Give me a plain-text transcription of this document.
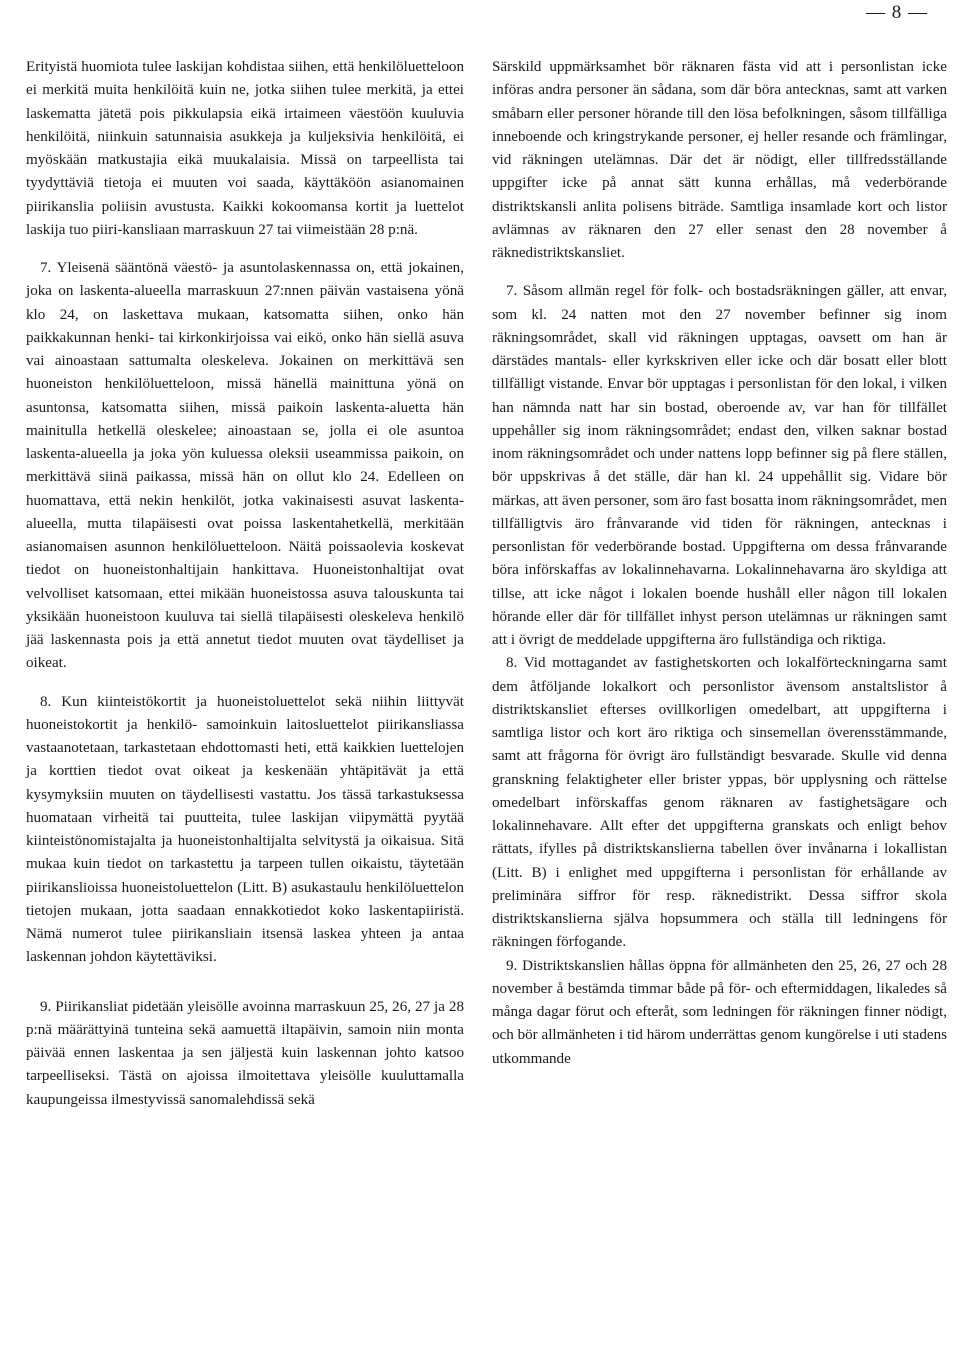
— 8 —

Erityistä huomiota tulee laskijan kohdistaa siihen, että henkilöluetteloon ei merkitä muita henkilöitä kuin ne, jotka siihen tulee merkitä, ja ettei laskematta jätetä pois pikkulapsia eikä irtaimeen väestöön kuuluvia henkilöitä, niinkuin satunnaisia asukkeja ja kuljeksivia henkilöitä, ei myöskään matkustajia eikä muukalaisia. Missä on tarpeellista tai tyydyttäviä tietoja ei muuten voi saada, käyttäköön asianomainen piirikanslia poliisin avustusta. Kaikki kokoomansa kortit ja luettelot laskija tuo piiri-kansliaan marraskuun 27 tai viimeistään 28 p:nä.

7. Yleisenä sääntönä väestö- ja asuntolaskennassa on, että jokainen, joka on laskenta-alueella marraskuun 27:nnen päivän vastaisena yönä klo 24, on laskettava mukaan, katsomatta siihen, onko hän paikkakunnan henki- tai kirkonkirjoissa vai eikö, onko hän siellä asuva vai ainoastaan sattumalta oleskeleva. Jokainen on merkittävä sen huoneiston henkilöluetteloon, missä hänellä mainittuna yönä on asuntonsa, katsomatta siihen, missä paikoin laskenta-aluetta hän mainitulla hetkellä oleskelee; ainoastaan se, jolla ei ole asuntoa laskenta-alueella ja joka yön kuluessa oleksii useammissa paikoin, on merkittävä siinä paikassa, missä hän on ollut klo 24. Edelleen on huomattava, että nekin henkilöt, jotka vakinaisesti asuvat laskenta-alueella, mutta tilapäisesti ovat poissa laskentahetkellä, merkitään asianomaisen asunnon henkilöluetteloon. Näitä poissaolevia koskevat tiedot on huoneistonhaltijain hankittava. Huoneistonhaltijat ovat velvolliset katsomaan, ettei mikään huoneistossa asuva talouskunta tai yksikään huoneistoon kuuluva tai siellä tilapäisesti oleskeleva henkilö jää laskennasta pois ja että annetut tiedot muuten ovat täydelliset ja oikeat.

8. Kun kiinteistökortit ja huoneistoluettelot sekä niihin liittyvät huoneistokortit ja henkilö- samoinkuin laitosluettelot piirikansliassa vastaanotetaan, tarkastetaan ehdottomasti heti, että kaikkien luettelojen ja korttien tiedot ovat oikeat ja keskenään yhtäpitävät ja että kysymyksiin muuten on täydellisesti vastattu. Jos tässä tarkastuksessa huomataan virheitä tai puutteita, tulee laskijan viipymättä pyytää kiinteistönomistajalta ja huoneistonhaltijalta selvitystä ja oikaisua. Sitä mukaa kuin tiedot on tarkastettu ja tarpeen tullen oikaistu, täytetään piirikanslioissa huoneistoluettelon (Litt. B) asukastaulu henkilöluettelon tietojen mukaan, jotta saadaan ennakkotiedot koko laskentapiiristä. Nämä numerot tulee piirikansliain itsensä laskea yhteen ja antaa laskennan johdon käytettäviksi.

9. Piirikansliat pidetään yleisölle avoinna marraskuun 25, 26, 27 ja 28 p:nä määrättyinä tunteina sekä aamuettä iltapäivin, samoin niin monta päivää ennen laskentaa ja sen jäljestä kuin laskennan johto katsoo tarpeelliseksi. Tästä on ajoissa ilmoitettava yleisölle kuuluttamalla kaupungeissa ilmestyvissä sanomalehdissä sekä

Särskild uppmärksamhet bör räknaren fästa vid att i personlistan icke införas andra personer än sådana, som där böra antecknas, samt att varken småbarn eller personer hörande till den lösa befolkningen, såsom tillfälliga inneboende och kringstrykande personer, ej heller resande och främlingar, vid räkningen utelämnas. Där det är nödigt, eller tillfredsställande uppgifter icke på annat sätt kunna erhållas, må vederbörande distriktskansli anlita polisens biträde. Samtliga insamlade kort och listor avlämnas av räknaren den 27 eller senast den 28 november å räknedistriktskansliet.

7. Såsom allmän regel för folk- och bostadsräkningen gäller, att envar, som kl. 24 natten mot den 27 november befinner sig inom räkningsområdet, skall vid räkningen upptagas, oavsett om han är därstädes mantals- eller kyrkskriven eller icke och där bosatt eller blott tillfälligt vistande. Envar bör upptagas i personlistan för den lokal, i vilken han nämnda natt har sin bostad, oberoende av, var han för tillfället uppehåller sig inom räkningsområdet; endast den, vilken saknar bostad inom räkningsområdet och under nattens lopp befinner sig på flere ställen, bör uppskrivas å det ställe, där han kl. 24 uppehållit sig. Vidare bör märkas, att även personer, som äro fast bosatta inom räkningsområdet, men tillfälligtvis äro frånvarande vid tiden för räkningen, antecknas i personlistan för vederbörande bostad. Uppgifterna om dessa frånvarande böra införskaffas av lokalinnehavarna. Lokalinnehavarna äro skyldiga att tillse, att icke något i lokalen boende hushåll eller någon till lokalen hörande eller där för tillfället inhyst person utelämnas ur räkningen samt att i övrigt de meddelade uppgifterna äro fullständiga och riktiga.

8. Vid mottagandet av fastighetskorten och lokalförteckningarna samt dem åtföljande lokalkort och personlistor ävensom anstaltslistor å distriktskansliet efterses ovillkorligen omedelbart, att uppgifterna i samtliga listor och kort äro riktiga och sinsemellan överensstämmande, samt att frågorna för övrigt äro fullständigt besvarade. Skulle vid denna granskning felaktigheter eller brister yppas, bör upplysning och rättelse omedelbart införskaffas genom räknaren av fastighetsägare och lokalinnehavare. Allt efter det uppgifterna granskats och enligt behov rättats, ifylles på distriktskanslierna tabellen över invånarna i lokallistan (Litt. B) i enlighet med uppgifterna i personlistan för erhållande av preliminära siffror för resp. räknedistrikt. Dessa siffror skola distriktskanslierna själva hopsummera och ställa till ledningens för räkningen förfogande.

9. Distriktskanslien hållas öppna för allmänheten den 25, 26, 27 och 28 november å bestämda timmar både på för- och eftermiddagen, likaledes så många dagar förut och efteråt, som ledningen för räkningen finner nödigt, och bör allmänheten i tid härom underrättas genom kungörelse i uti stadens utkommande
